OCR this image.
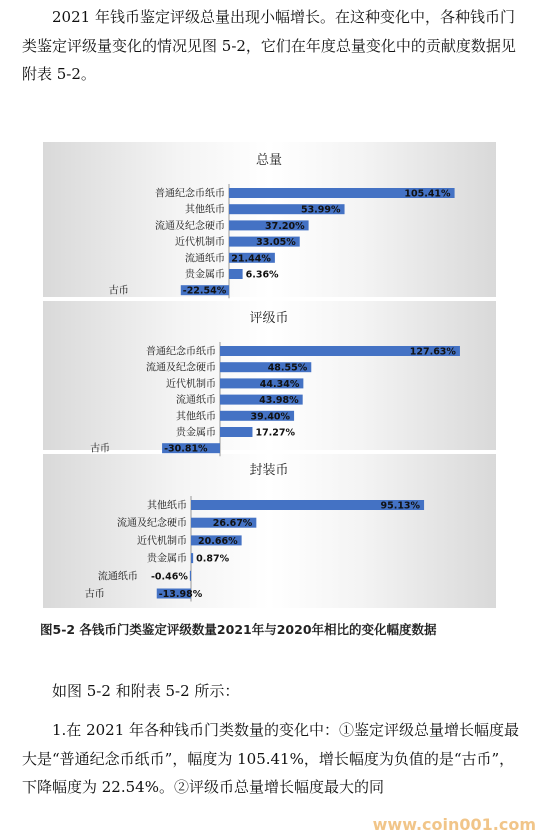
2021 年钱币鉴定评级总量出现小幅增长。在这种变化中，各种钱币门类鉴定评级量变化的情况见图 5-2，它们在年度总量变化中的贡献度数据见附表 5-2。

总量
普通纪念币纸币	105.41%
其他纸币	53.99%
流通及纪念硬币	37.20%
近代机制币	33.05%
流通纸币 21.44%
贵金属币 6.36%
古币	-22.54%
评级币
普通纪念币纸币	127.63%
流通及纪念硬币	48.55%
近代机制币	44.34%
流通纸币	43.98%
其他纸币	39.40%
贵金属币	17.27%
古币	-30.81%
封装币
其他纸币	95.13%
流通及纪念硬币	26.67%
近代机制币 20.66%
贵金属币 0.87%
流通纸币 -0.46%
古币	-13.98%
图5-2 各钱币门类鉴定评级数量2021年与2020年相比的变化幅度数据

如图 5-2 和附表 5-2 所示：

1.在 2021 年各种钱币门类数量的变化中：①鉴定评级总量增长幅度最大是“普通纪念币纸币”，幅度为 105.41%，增长幅度为负值的是“古币”，下降幅度为 22.54%。②评级币总量增长幅度最大的同

www.coin001.com
